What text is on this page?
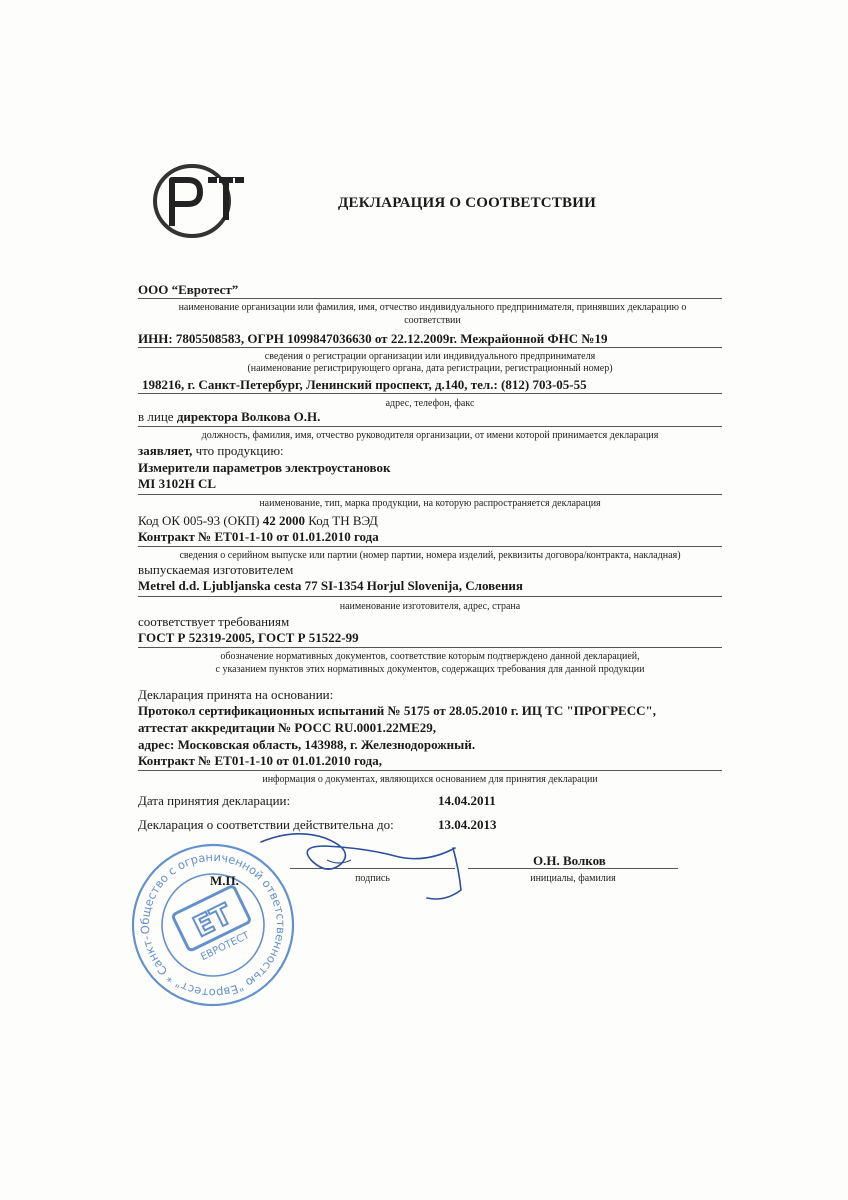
ДЕКЛАРАЦИЯ О СООТВЕТСТВИИ
ООО “Евротест”
наименование организации или фамилия, имя, отчество индивидуального предпринимателя, принявших декларацию о соответствии
ИНН: 7805508583, ОГРН 1099847036630 от 22.12.2009г. Межрайонной ФНС №19
сведения о регистрации организации или индивидуального предпринимателя
(наименование регистрирующего органа, дата регистрации, регистрационный номер)
198216, г. Санкт-Петербург, Ленинский проспект, д.140, тел.: (812) 703-05-55
адрес, телефон, факс
в лице директора Волкова О.Н.
должность, фамилия, имя, отчество руководителя организации, от имени которой принимается декларация
заявляет, что продукцию:
Измерители параметров электроустановок
MI 3102H CL
наименование, тип, марка продукции, на которую распространяется декларация
Код ОК 005-93 (ОКП) 42 2000 Код ТН ВЭД
Контракт № ЕТ01-1-10 от 01.01.2010 года
сведения о серийном выпуске или партии (номер партии, номера изделий, реквизиты договора/контракта, накладная)
выпускаемая изготовителем
Metrel d.d. Ljubljanska cesta 77 SI-1354 Horjul Slovenija, Словения
наименование изготовителя, адрес, страна
соответствует требованиям
ГОСТ Р 52319-2005, ГОСТ Р 51522-99
обозначение нормативных документов, соответствие которым подтверждено данной декларацией,
с указанием пунктов этих нормативных документов, содержащих требования для данной продукции
Декларация принята на основании:
Протокол сертификационных испытаний № 5175 от 28.05.2010 г. ИЦ ТС "ПРОГРЕСС",
аттестат аккредитации № РОСС RU.0001.22МЕ29,
адрес: Московская область, 143988, г. Железнодорожный.
Контракт № ЕТ01-1-10 от 01.01.2010 года,
информация о документах, являющихся основанием для принятия декларации
Дата принятия декларации:	14.04.2011
Декларация о соответствии действительна до:	13.04.2013
Общество с ограниченной ответственностью "Евротест" * Санкт-Петербург
ET
ЕВРОТЕСТ
М.П.	подпись
О.Н. Волков
инициалы, фамилия
